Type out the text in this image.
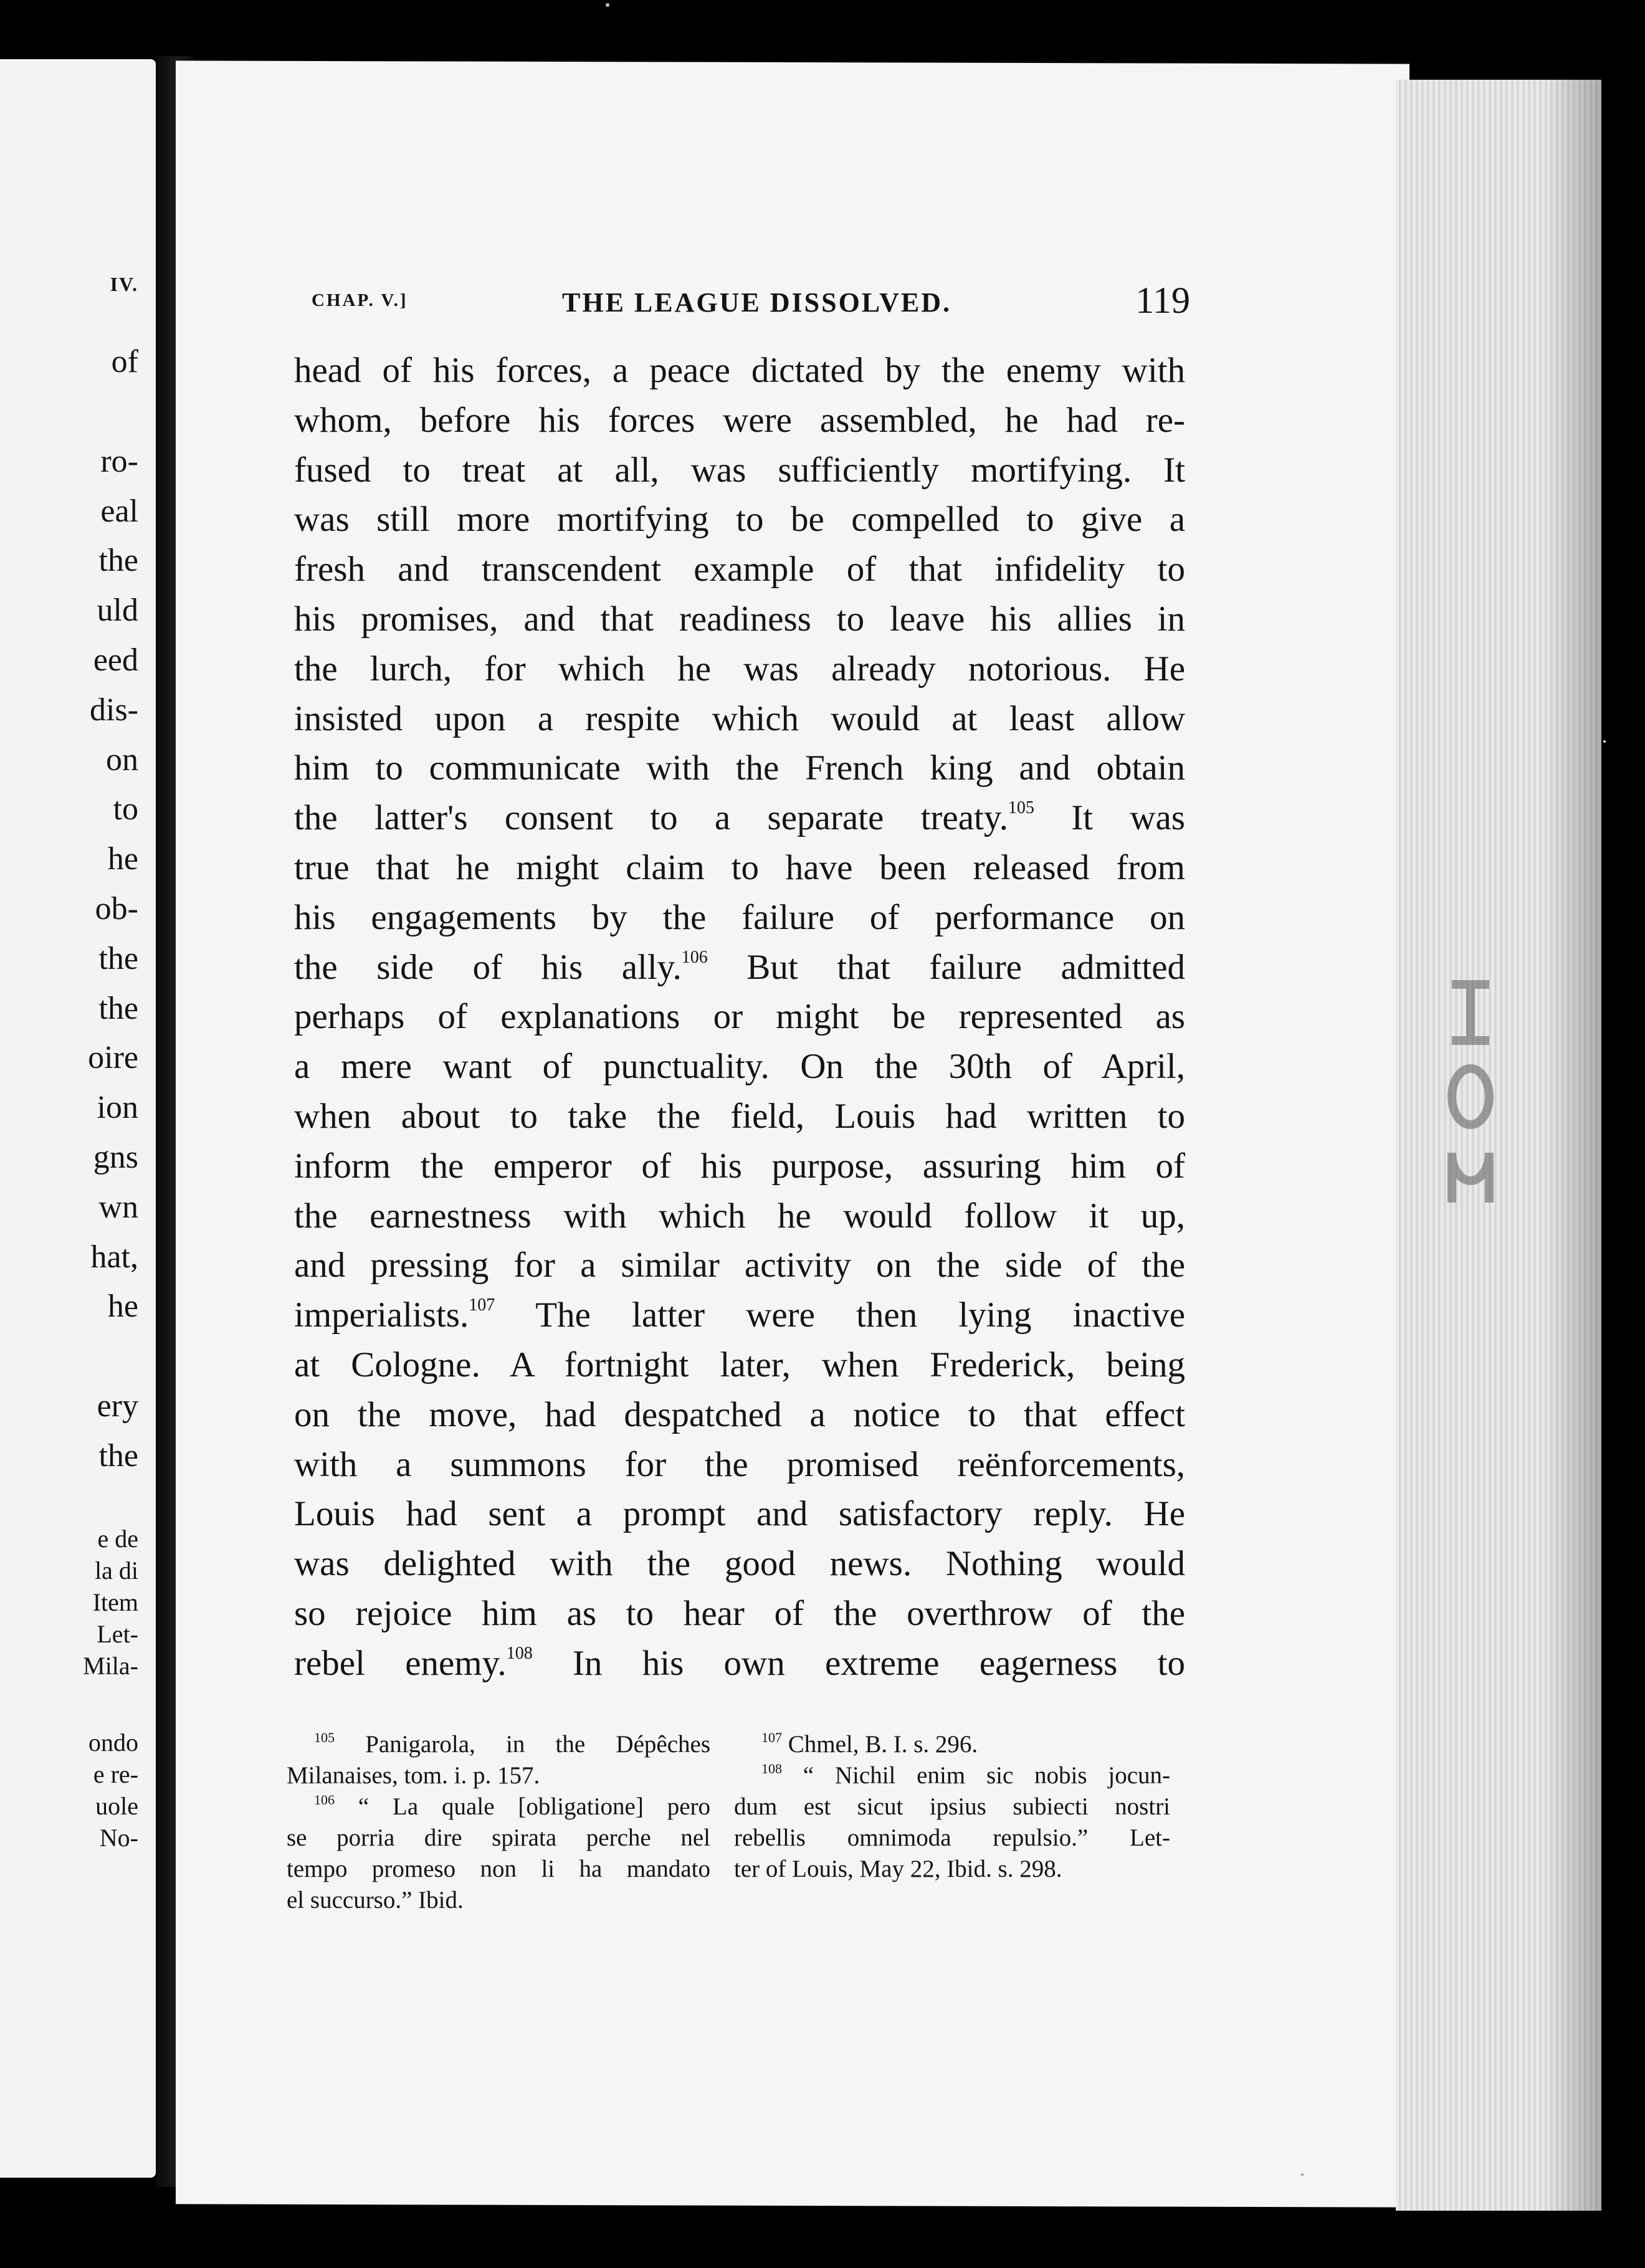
IV.
of
ro-
eal
the
uld
eed
dis-
on
to
he
ob-
the
the
oire
ion
gns
wn
hat,
he
ery
the
e de
la di
Item
Let-
Mila-
ondo
e re-
uole
No-
CHAP. V.]	THE LEAGUE DISSOLVED.	119
head of his forces, a peace dictated by the enemy with
whom, before his forces were assembled, he had re-
fused to treat at all, was sufficiently mortifying. It
was still more mortifying to be compelled to give a
fresh and transcendent example of that infidelity to
his promises, and that readiness to leave his allies in
the lurch, for which he was already notorious. He
insisted upon a respite which would at least allow
him to communicate with the French king and obtain
the latter's consent to a separate treaty.$^{105}$ It was
true that he might claim to have been released from
his engagements by the failure of performance on
the side of his ally.$^{106}$ But that failure admitted
perhaps of explanations or might be represented as
a mere want of punctuality. On the 30th of April,
when about to take the field, Louis had written to
inform the emperor of his purpose, assuring him of
the earnestness with which he would follow it up,
and pressing for a similar activity on the side of the
imperialists.$^{107}$ The latter were then lying inactive
at Cologne. A fortnight later, when Frederick, being
on the move, had despatched a notice to that effect
with a summons for the promised reënforcements,
Louis had sent a prompt and satisfactory reply. He
was delighted with the good news. Nothing would
so rejoice him as to hear of the overthrow of the
rebel enemy.$^{108}$ In his own extreme eagerness to
$^{105}$ Panigarola, in the Dépêches
Milanaises, tom. i. p. 157.
$^{106}$ “ La quale [obligatione] pero
se porria dire spirata perche nel
tempo promeso non li ha mandato
el succurso.” Ibid.
$^{107}$ Chmel, B. I. s. 296.
$^{108}$ “ Nichil enim sic nobis jocun-
dum est sicut ipsius subiecti nostri
rebellis omnimoda repulsio.” Let-
ter of Louis, May 22, Ibid. s. 298.
